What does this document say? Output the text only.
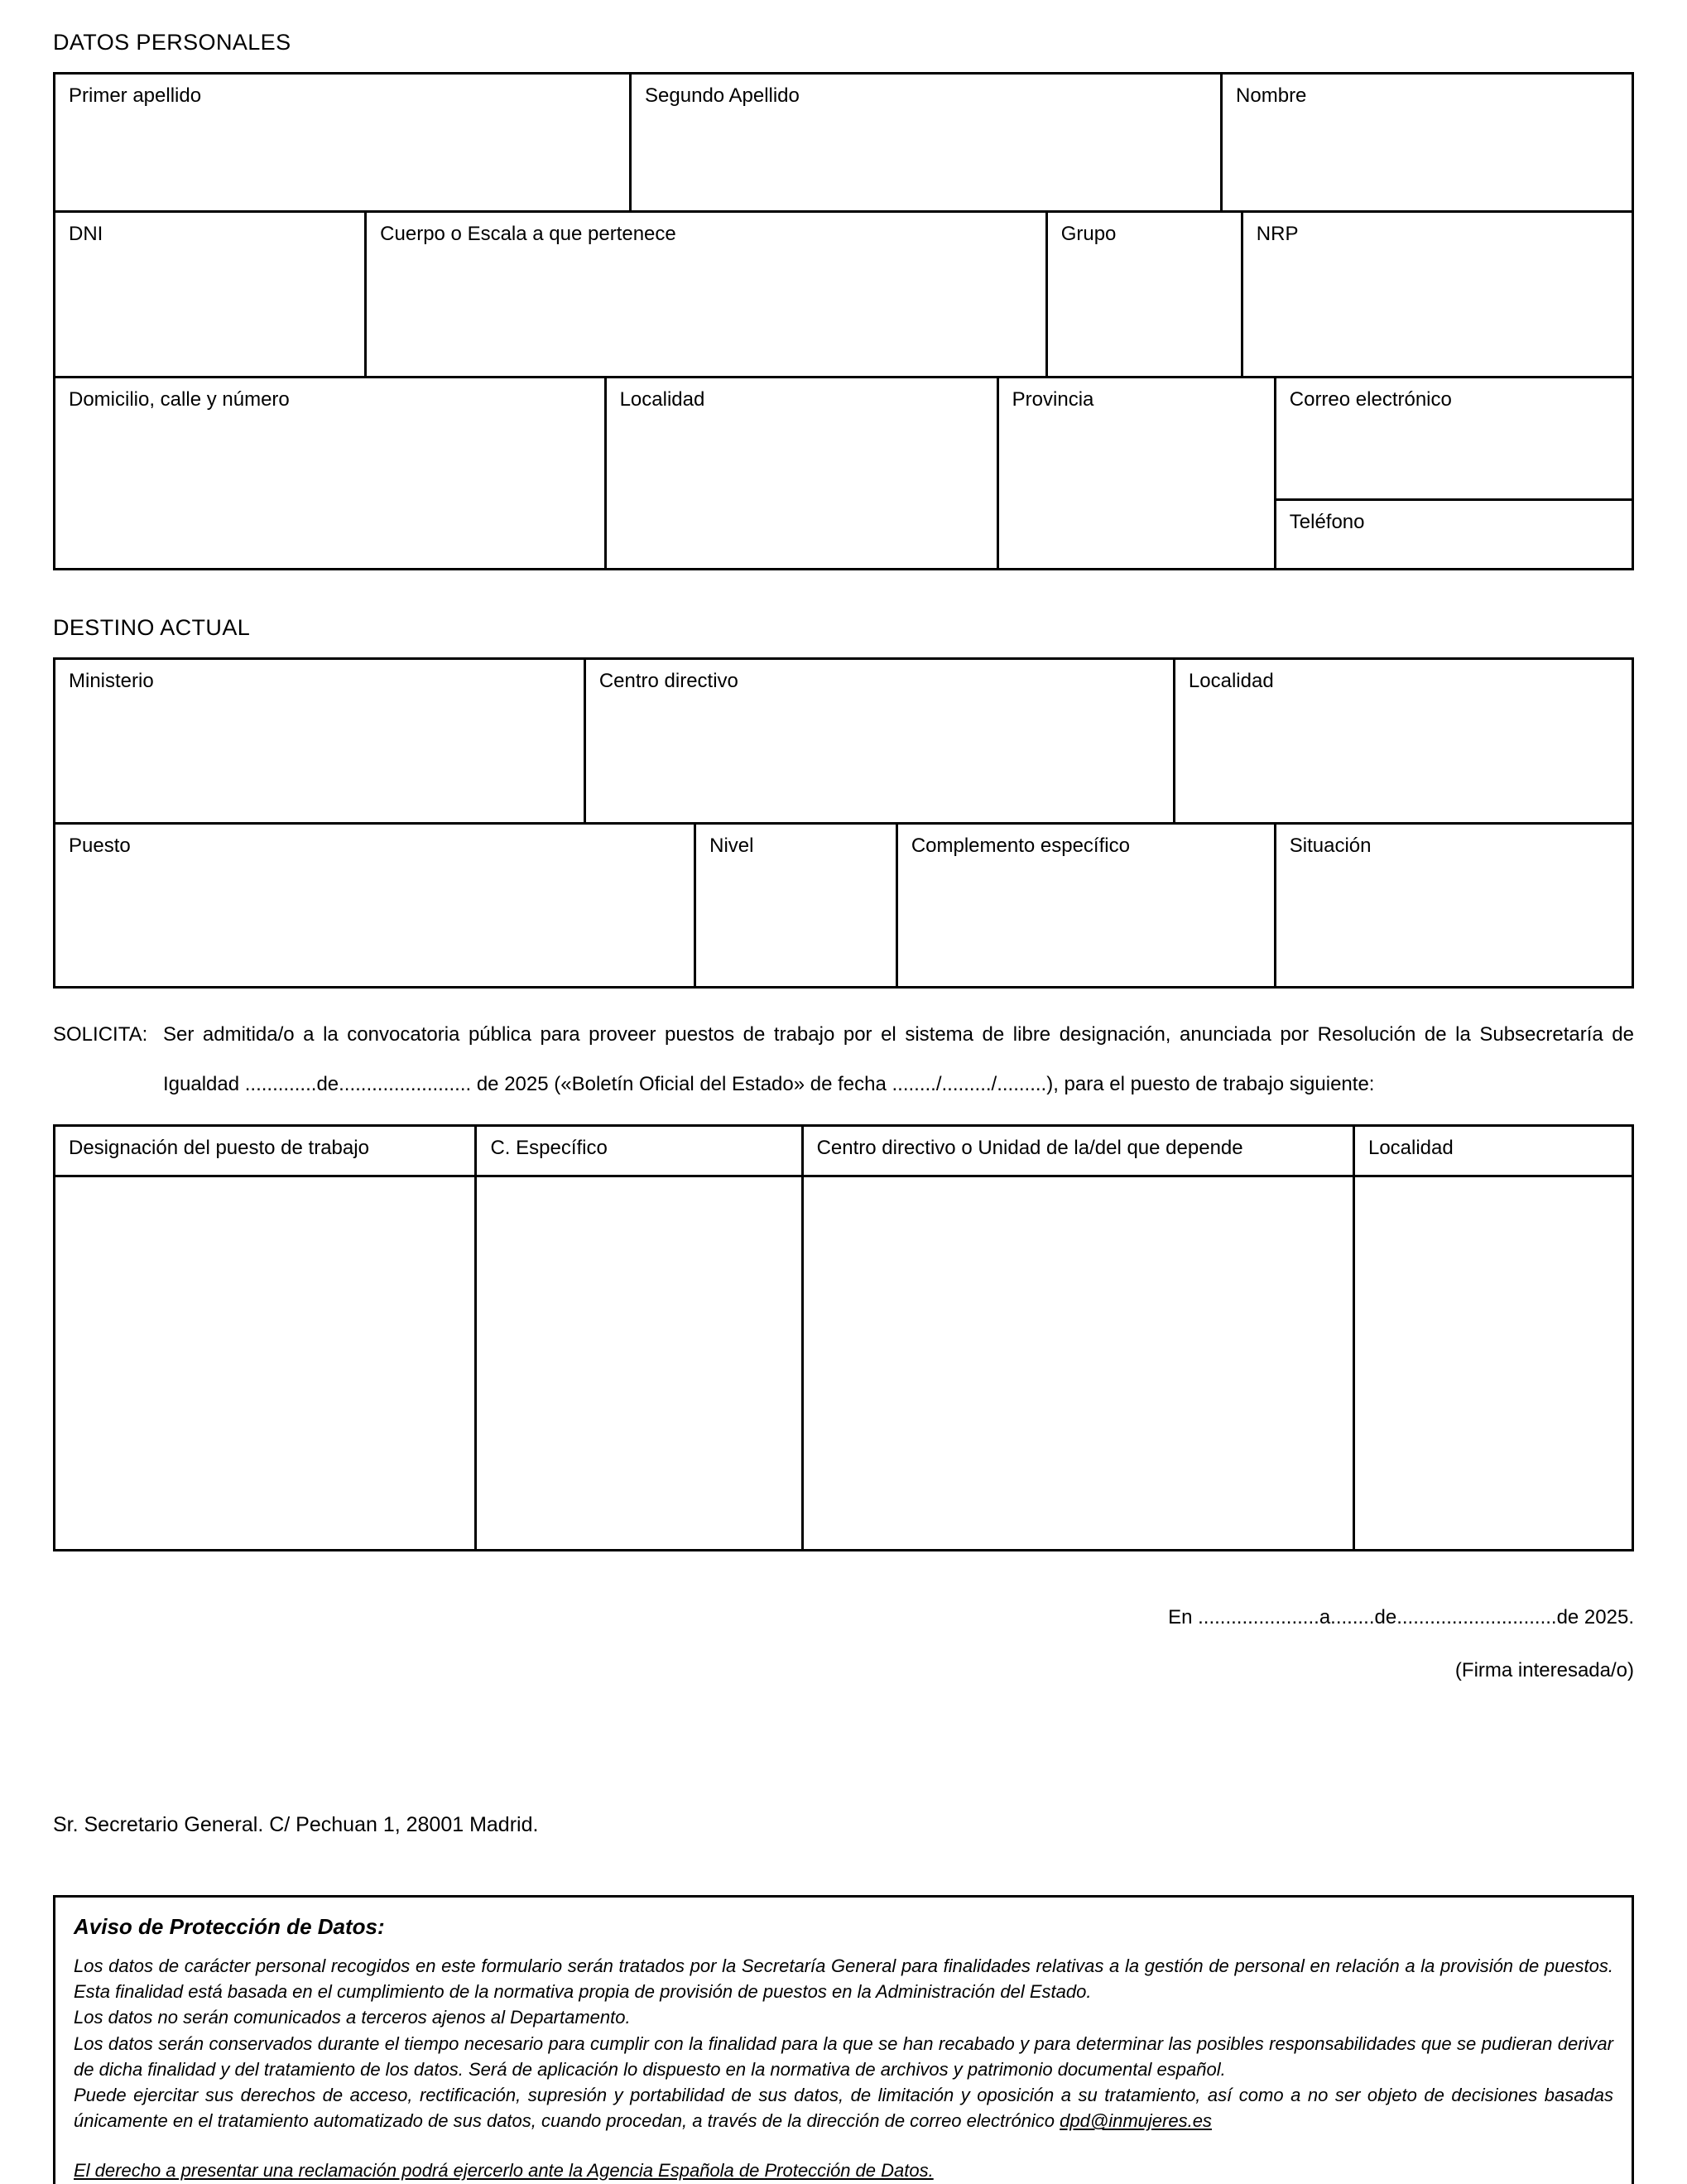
DATOS PERSONALES
Primer apellido	Segundo Apellido	Nombre
DNI	Cuerpo o Escala a que pertenece	Grupo	NRP
Domicilio, calle y número	Localidad	Provincia	Correo electrónico
Teléfono
DESTINO ACTUAL
Ministerio	Centro directivo	Localidad
Puesto	Nivel	Complemento específico	Situación
SOLICITA: Ser admitida/o a la convocatoria pública para proveer puestos de trabajo por el sistema de libre designación, anunciada por Resolución de la Subsecretaría de Igualdad .............de........................ de 2025 («Boletín Oficial del Estado» de fecha ......../........./.........), para el puesto de trabajo siguiente:

Designación del puesto de trabajo	C. Específico	Centro directivo o Unidad de la/del que depende	Localidad
En ......................a........de.............................de 2025.
(Firma interesada/o)
Sr. Secretario General. C/ Pechuan 1, 28001 Madrid.
Aviso de Protección de Datos:

Los datos de carácter personal recogidos en este formulario serán tratados por la Secretaría General para finalidades relativas a la gestión de personal en relación a la provisión de puestos. Esta finalidad está basada en el cumplimiento de la normativa propia de provisión de puestos en la Administración del Estado.

Los datos no serán comunicados a terceros ajenos al Departamento.

Los datos serán conservados durante el tiempo necesario para cumplir con la finalidad para la que se han recabado y para determinar las posibles responsabilidades que se pudieran derivar de dicha finalidad y del tratamiento de los datos. Será de aplicación lo dispuesto en la normativa de archivos y patrimonio documental español.

Puede ejercitar sus derechos de acceso, rectificación, supresión y portabilidad de sus datos, de limitación y oposición a su tratamiento, así como a no ser objeto de decisiones basadas únicamente en el tratamiento automatizado de sus datos, cuando procedan, a través de la dirección de correo electrónico dpd@inmujeres.es

El derecho a presentar una reclamación podrá ejercerlo ante la Agencia Española de Protección de Datos.
